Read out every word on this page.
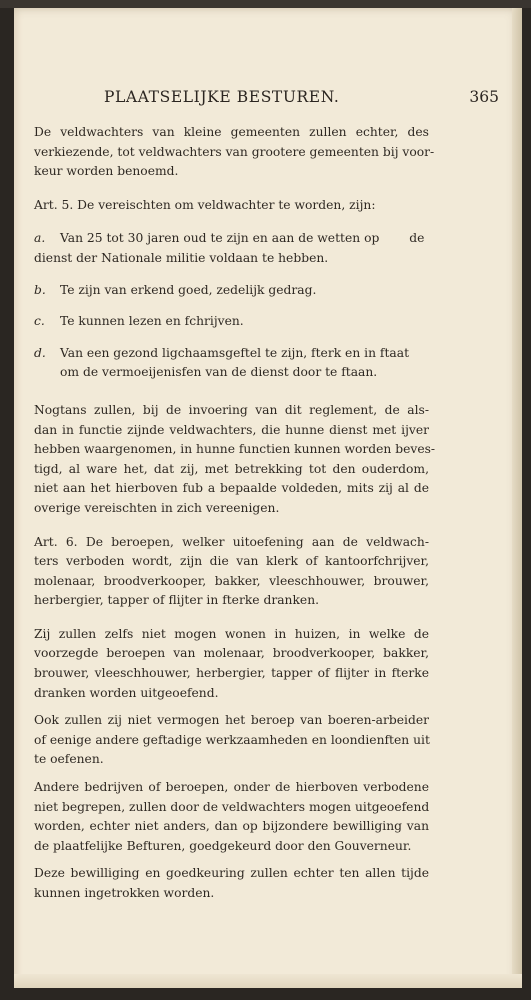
PLAATSELIJKE BESTUREN.	365
De veldwachters van kleine gemeenten zullen echter, des
verkiezende, tot veldwachters van grootere gemeenten bij voor-
keur worden benoemd.
Art. 5. De vereischten om veldwachter te worden, zijn:
a. Van 25 tot 30 jaren oud te zijn en aan de wetten op de dienst der Nationale militie voldaan te hebben.
b. Te zijn van erkend goed, zedelijk gedrag.
c. Te kunnen lezen en fchrijven.
d. Van een gezond ligchaamsgeftel te zijn, fterk en in ftaat om de vermoeijenisfen van de dienst door te ftaan.
Nogtans zullen, bij de invoering van dit reglement, de als-
dan in functie zijnde veldwachters, die hunne dienst met ijver
hebben waargenomen, in hunne functien kunnen worden beves-
tigd, al ware het, dat zij, met betrekking tot den ouderdom,
niet aan het hierboven fub a bepaalde voldeden, mits zij al de
overige vereischten in zich vereenigen.
Art. 6. De beroepen, welker uitoefening aan de veldwach-
ters verboden wordt, zijn die van klerk of kantoorfchrijver,
molenaar, broodverkooper, bakker, vleeschhouwer, brouwer,
herbergier, tapper of flijter in fterke dranken.
Zij zullen zelfs niet mogen wonen in huizen, in welke de
voorzegde beroepen van molenaar, broodverkooper, bakker,
brouwer, vleeschhouwer, herbergier, tapper of flijter in fterke
dranken worden uitgeoefend.
Ook zullen zij niet vermogen het beroep van boeren-arbeider
of eenige andere geftadige werkzaamheden en loondienften uit
te oefenen.
Andere bedrijven of beroepen, onder de hierboven verbodene
niet begrepen, zullen door de veldwachters mogen uitgeoefend
worden, echter niet anders, dan op bijzondere bewilliging van
de plaatfelijke Befturen, goedgekeurd door den Gouverneur.
Deze bewilliging en goedkeuring zullen echter ten allen tijde
kunnen ingetrokken worden.
